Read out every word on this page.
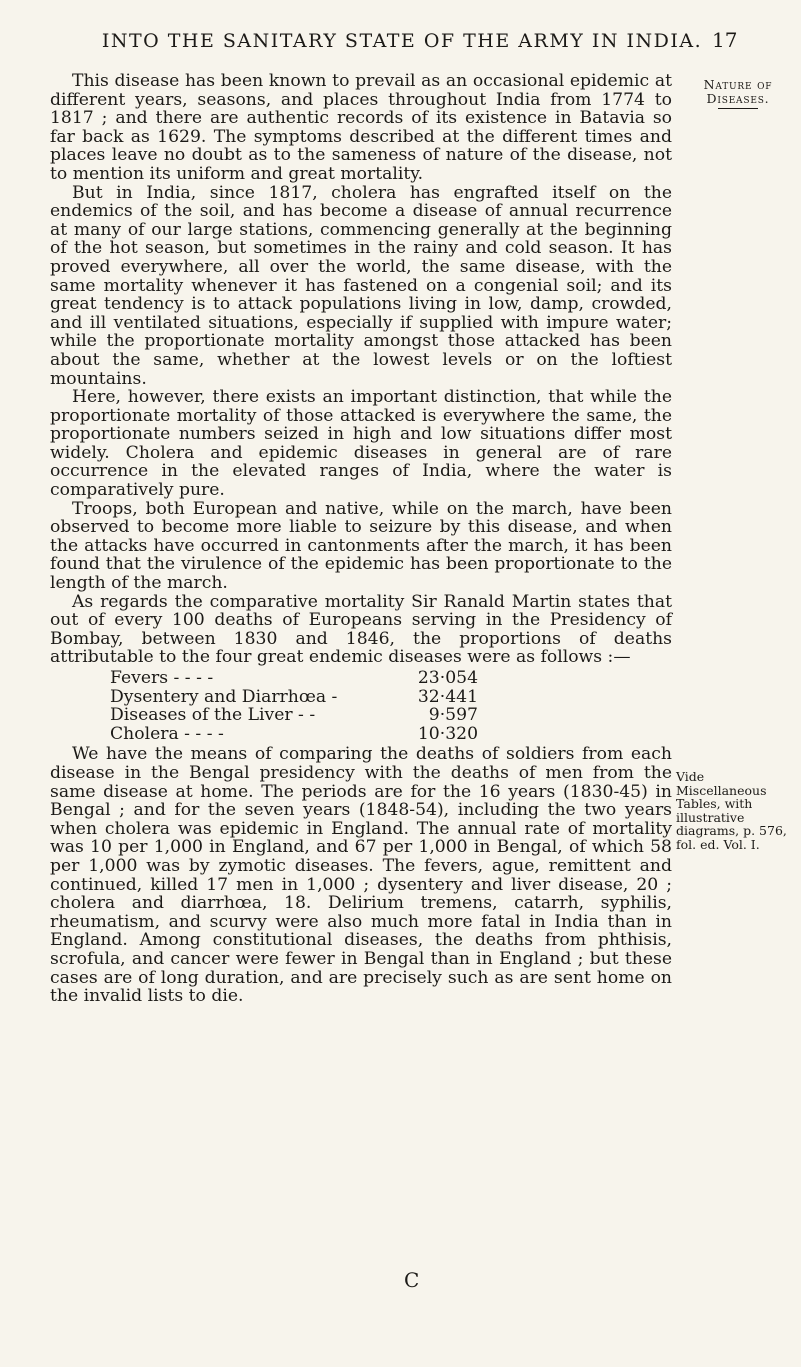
INTO THE SANITARY STATE OF THE ARMY IN INDIA. 17
Nature of Diseases.
Vide Miscellaneous Tables, with illustrative diagrams, p. 576, fol. ed. Vol. I.

This disease has been known to prevail as an occasional epidemic at different years, seasons, and places throughout India from 1774 to 1817 ; and there are authentic records of its existence in Batavia so far back as 1629. The symptoms described at the different times and places leave no doubt as to the sameness of nature of the disease, not to mention its uniform and great mortality.

But in India, since 1817, cholera has engrafted itself on the endemics of the soil, and has become a disease of annual recurrence at many of our large stations, commencing generally at the beginning of the hot season, but sometimes in the rainy and cold season. It has proved everywhere, all over the world, the same disease, with the same mortality whenever it has fastened on a congenial soil; and its great tendency is to attack populations living in low, damp, crowded, and ill ventilated situations, especially if supplied with impure water; while the proportionate mortality amongst those attacked has been about the same, whether at the lowest levels or on the loftiest mountains.

Here, however, there exists an important distinction, that while the proportionate mortality of those attacked is everywhere the same, the proportionate numbers seized in high and low situations differ most widely. Cholera and epidemic diseases in general are of rare occurrence in the elevated ranges of India, where the water is comparatively pure.

Troops, both European and native, while on the march, have been observed to become more liable to seizure by this disease, and when the attacks have occurred in cantonments after the march, it has been found that the virulence of the epidemic has been proportionate to the length of the march.

As regards the comparative mortality Sir Ranald Martin states that out of every 100 deaths of Europeans serving in the Presidency of Bombay, between 1830 and 1846, the proportions of deaths attributable to the four great endemic diseases were as follows :—

Fevers - - - -	23·054
Dysentery and Diarrhœa -	32·441
Diseases of the Liver - -	9·597
Cholera - - - -	10·320

We have the means of comparing the deaths of soldiers from each disease in the Bengal presidency with the deaths of men from the same disease at home. The periods are for the 16 years (1830-45) in Bengal ; and for the seven years (1848-54), including the two years when cholera was epidemic in England. The annual rate of mortality was 10 per 1,000 in England, and 67 per 1,000 in Bengal, of which 58 per 1,000 was by zymotic diseases. The fevers, ague, remittent and continued, killed 17 men in 1,000 ; dysentery and liver disease, 20 ; cholera and diarrhœa, 18. Delirium tremens, catarrh, syphilis, rheumatism, and scurvy were also much more fatal in India than in England. Among constitutional diseases, the deaths from phthisis, scrofula, and cancer were fewer in Bengal than in England ; but these cases are of long duration, and are precisely such as are sent home on the invalid lists to die.

C
